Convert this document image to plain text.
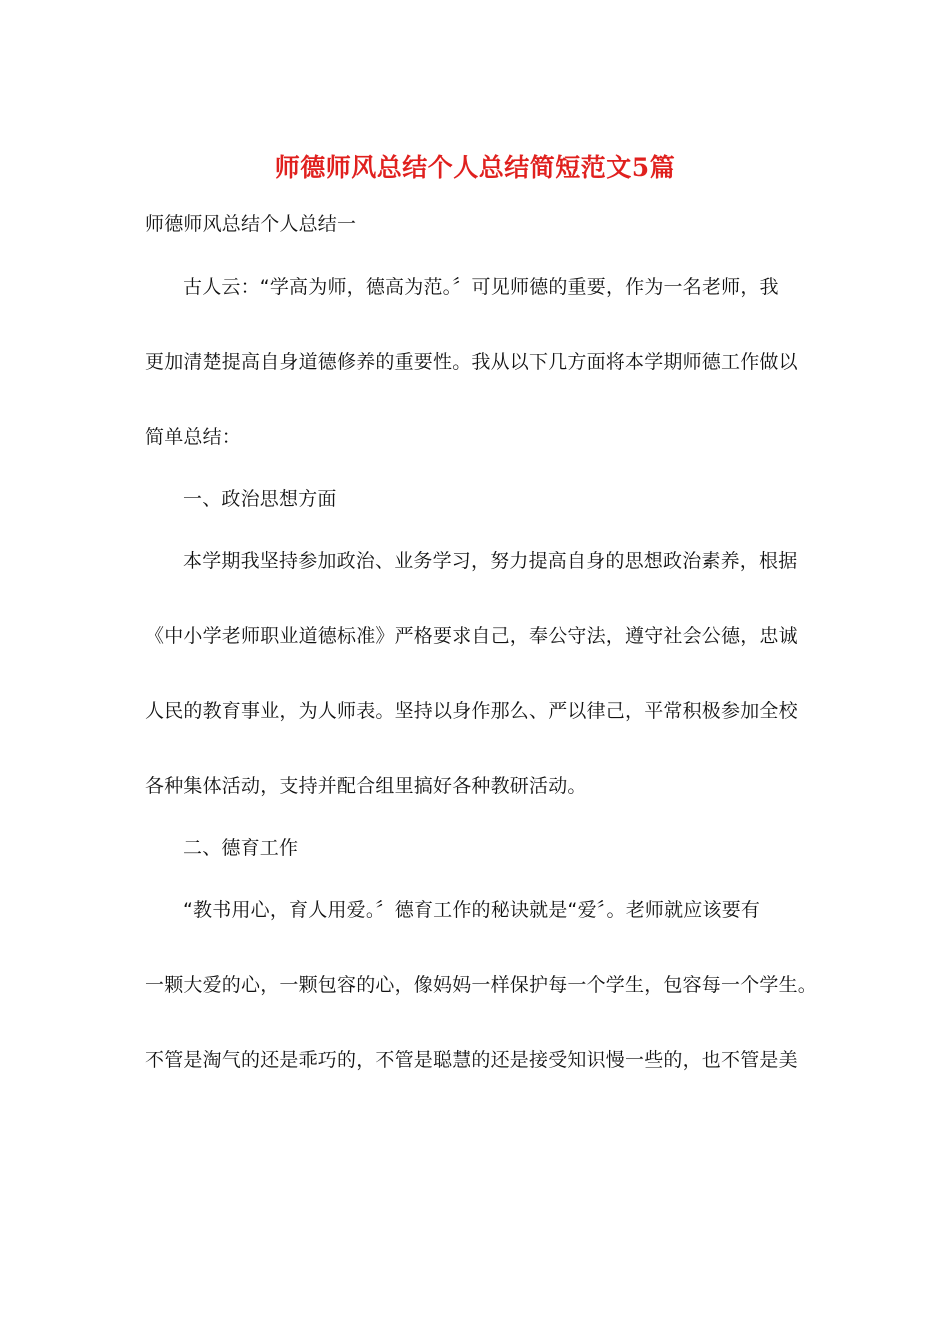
师德师风总结个人总结简短范文5篇
师德师风总结个人总结一
古人云：“学高为师，德高为范。〞可见师德的重要，作为一名老师，我
更加清楚提高自身道德修养的重要性。我从以下几方面将本学期师德工作做以
简单总结：
一、政治思想方面
本学期我坚持参加政治、业务学习，努力提高自身的思想政治素养，根据
《中小学老师职业道德标准》严格要求自己，奉公守法，遵守社会公德，忠诚
人民的教育事业，为人师表。坚持以身作那么、严以律己，平常积极参加全校
各种集体活动，支持并配合组里搞好各种教研活动。
二、德育工作
“教书用心，育人用爱。〞德育工作的秘诀就是“爱〞。老师就应该要有
一颗大爱的心，一颗包容的心，像妈妈一样保护每一个学生，包容每一个学生。
不管是淘气的还是乖巧的，不管是聪慧的还是接受知识慢一些的，也不管是美
